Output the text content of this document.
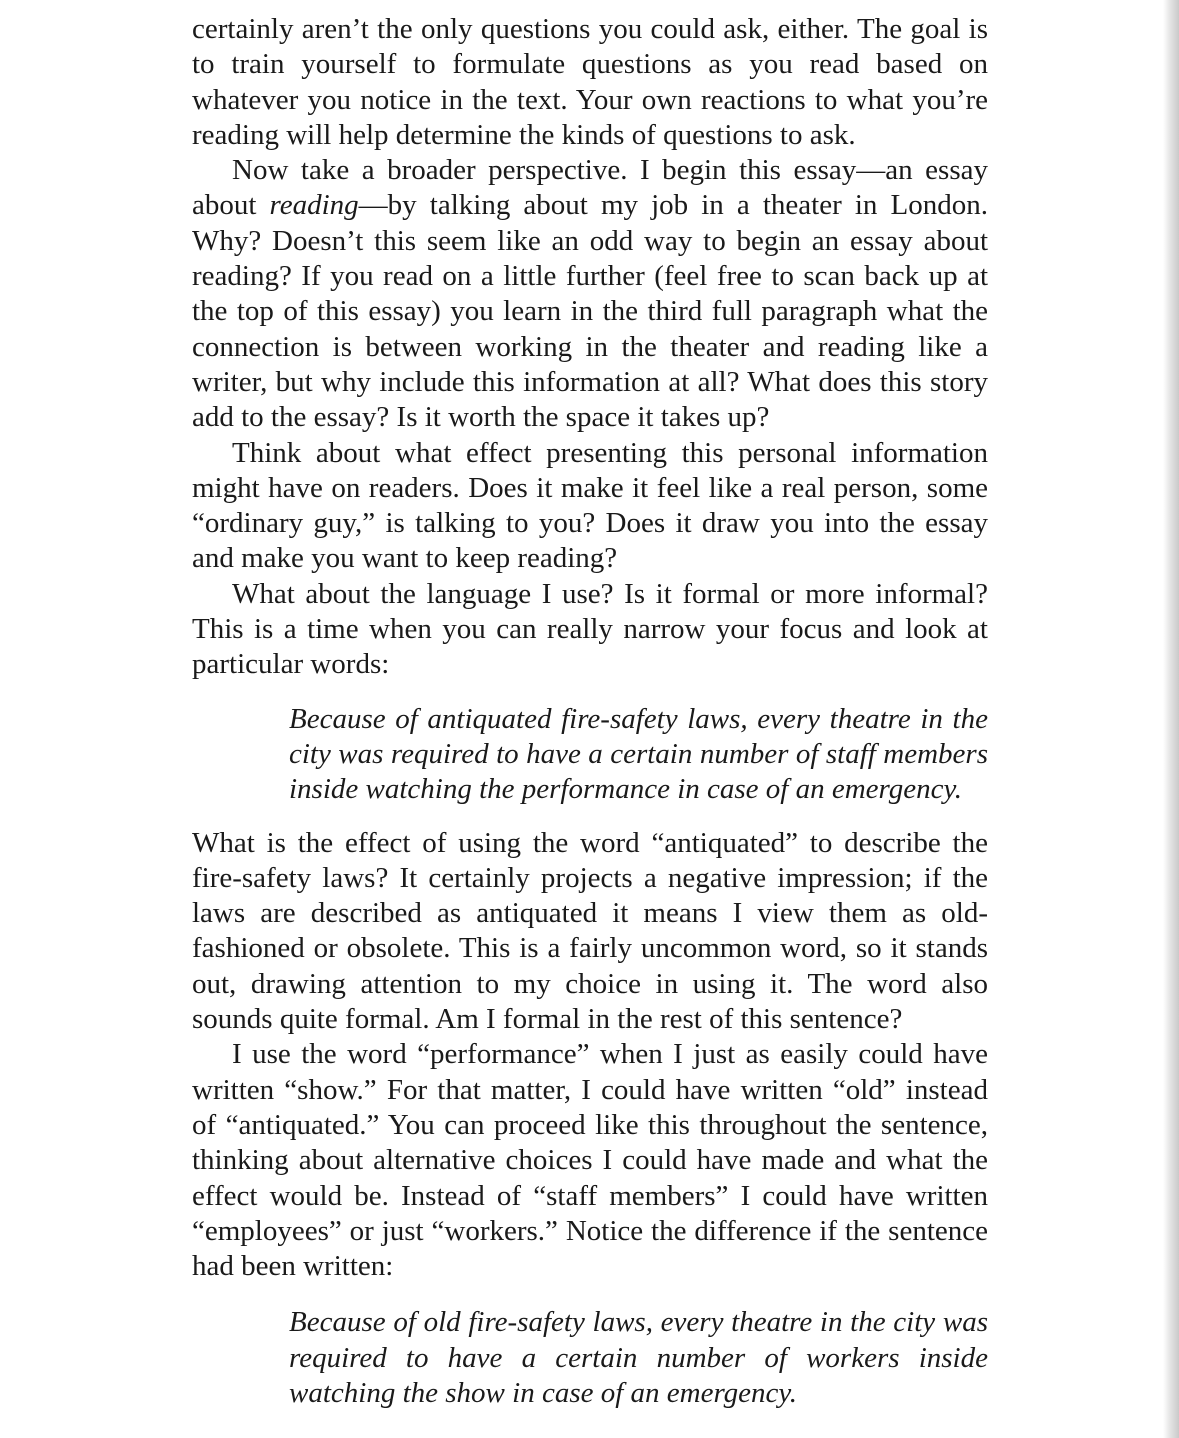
certainly aren’t the only questions you could ask, either. The goal is to train yourself to formulate questions as you read based on whatever you notice in the text. Your own reactions to what you’re reading will help determine the kinds of questions to ask.

Now take a broader perspective. I begin this essay—an essay about reading—by talking about my job in a theater in London. Why? Doesn’t this seem like an odd way to begin an essay about reading? If you read on a little further (feel free to scan back up at the top of this essay) you learn in the third full paragraph what the connection is between working in the theater and reading like a writer, but why include this information at all? What does this story add to the essay? Is it worth the space it takes up?

Think about what effect presenting this personal information might have on readers. Does it make it feel like a real person, some “ordinary guy,” is talking to you? Does it draw you into the essay and make you want to keep reading?

What about the language I use? Is it formal or more informal? This is a time when you can really narrow your focus and look at particular words:

Because of antiquated fire-safety laws, every theatre in the city was required to have a certain number of staff members inside watching the performance in case of an emergency.

What is the effect of using the word “antiquated” to describe the fire-safety laws? It certainly projects a negative impression; if the laws are described as antiquated it means I view them as old-fashioned or obsolete. This is a fairly uncommon word, so it stands out, drawing attention to my choice in using it. The word also sounds quite formal. Am I formal in the rest of this sentence?

I use the word “performance” when I just as easily could have written “show.” For that matter, I could have written “old” instead of “antiquated.” You can proceed like this throughout the sentence, thinking about alternative choices I could have made and what the effect would be. Instead of “staff members” I could have written “employees” or just “workers.” Notice the difference if the sentence had been written:

Because of old fire-safety laws, every theatre in the city was required to have a certain number of workers inside watching the show in case of an emergency.
